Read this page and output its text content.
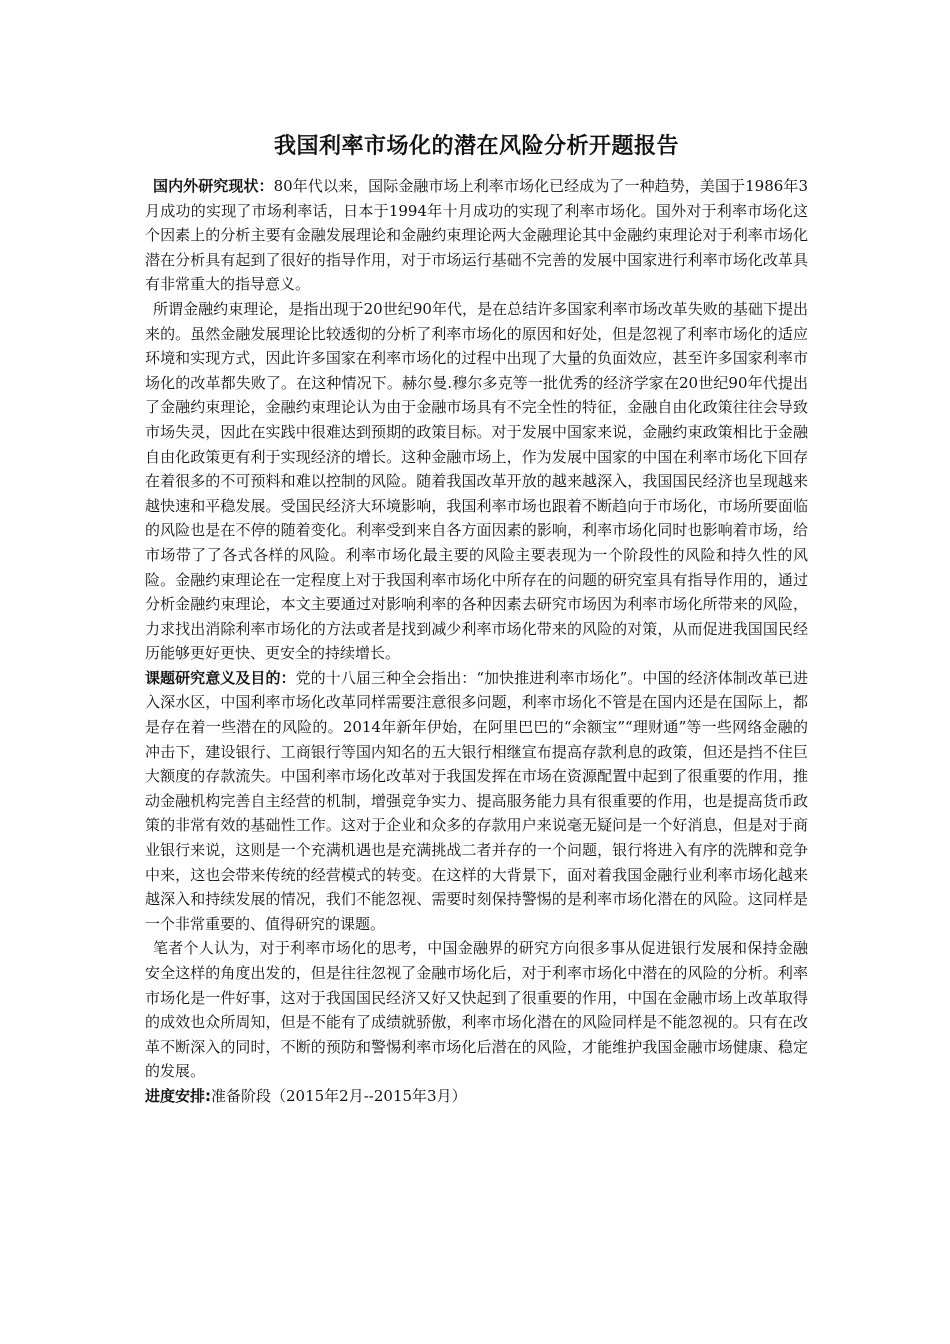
我国利率市场化的潜在风险分析开题报告

国内外研究现状：80年代以来，国际金融市场上利率市场化已经成为了一种趋势，美国于1986年3月成功的实现了市场利率话，日本于1994年十月成功的实现了利率市场化。国外对于利率市场化这个因素上的分析主要有金融发展理论和金融约束理论两大金融理论其中金融约束理论对于利率市场化潜在分析具有起到了很好的指导作用，对于市场运行基础不完善的发展中国家进行利率市场化改革具有非常重大的指导意义。

所谓金融约束理论，是指出现于20世纪90年代，是在总结许多国家利率市场改革失败的基础下提出来的。虽然金融发展理论比较透彻的分析了利率市场化的原因和好处，但是忽视了利率市场化的适应环境和实现方式，因此许多国家在利率市场化的过程中出现了大量的负面效应，甚至许多国家利率市场化的改革都失败了。在这种情况下。赫尔曼.穆尔多克等一批优秀的经济学家在20世纪90年代提出了金融约束理论，金融约束理论认为由于金融市场具有不完全性的特征，金融自由化政策往往会导致市场失灵，因此在实践中很难达到预期的政策目标。对于发展中国家来说，金融约束政策相比于金融自由化政策更有利于实现经济的增长。这种金融市场上，作为发展中国家的中国在利率市场化下回存在着很多的不可预料和难以控制的风险。随着我国改革开放的越来越深入，我国国民经济也呈现越来越快速和平稳发展。受国民经济大环境影响，我国利率市场也跟着不断趋向于市场化，市场所要面临的风险也是在不停的随着变化。利率受到来自各方面因素的影响，利率市场化同时也影响着市场，给市场带了了各式各样的风险。利率市场化最主要的风险主要表现为一个阶段性的风险和持久性的风险。金融约束理论在一定程度上对于我国利率市场化中所存在的问题的研究室具有指导作用的，通过分析金融约束理论，本文主要通过对影响利率的各种因素去研究市场因为利率市场化所带来的风险，力求找出消除利率市场化的方法或者是找到减少利率市场化带来的风险的对策，从而促进我国国民经历能够更好更快、更安全的持续增长。

课题研究意义及目的：党的十八届三种全会指出：“加快推进利率市场化”。中国的经济体制改革已进入深水区，中国利率市场化改革同样需要注意很多问题，利率市场化不管是在国内还是在国际上，都是存在着一些潜在的风险的。2014年新年伊始，在阿里巴巴的“余额宝”“理财通”等一些网络金融的冲击下，建设银行、工商银行等国内知名的五大银行相继宣布提高存款利息的政策，但还是挡不住巨大额度的存款流失。中国利率市场化改革对于我国发挥在市场在资源配置中起到了很重要的作用，推动金融机构完善自主经营的机制，增强竞争实力、提高服务能力具有很重要的作用，也是提高货币政策的非常有效的基础性工作。这对于企业和众多的存款用户来说毫无疑问是一个好消息，但是对于商业银行来说，这则是一个充满机遇也是充满挑战二者并存的一个问题，银行将进入有序的洗牌和竞争中来，这也会带来传统的经营模式的转变。在这样的大背景下，面对着我国金融行业利率市场化越来越深入和持续发展的情况，我们不能忽视、需要时刻保持警惕的是利率市场化潜在的风险。这同样是一个非常重要的、值得研究的课题。

笔者个人认为，对于利率市场化的思考，中国金融界的研究方向很多事从促进银行发展和保持金融安全这样的角度出发的，但是往往忽视了金融市场化后，对于利率市场化中潜在的风险的分析。利率市场化是一件好事，这对于我国国民经济又好又快起到了很重要的作用，中国在金融市场上改革取得的成效也众所周知，但是不能有了成绩就骄傲，利率市场化潜在的风险同样是不能忽视的。只有在改革不断深入的同时，不断的预防和警惕利率市场化后潜在的风险，才能维护我国金融市场健康、稳定的发展。

进度安排:准备阶段（2015年2月--2015年3月）
